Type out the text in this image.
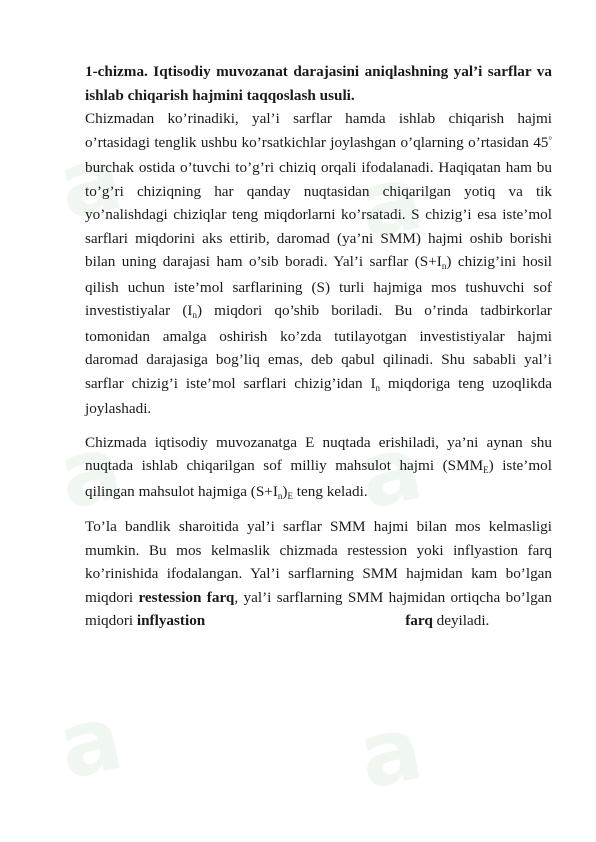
a a
a a
a a

1-chizma. Iqtisodiy muvozanat darajasini aniqlashning yal’i sarflar va ishlab chiqarish hajmini taqqoslash usuli.

Chizmadan ko’rinadiki, yal’i sarflar hamda ishlab chiqarish hajmi o’rtasidagi tenglik ushbu ko’rsatkichlar joylashgan o’qlarning o’rtasidan 45° burchak ostida o’tuvchi to’g’ri chiziq orqali ifodalanadi. Haqiqatan ham bu to’g’ri chiziqning har qanday nuqtasidan chiqarilgan yotiq va tik yo’nalishdagi chiziqlar teng miqdorlarni ko’rsatadi. S chizig’i esa iste’mol sarflari miqdorini aks ettirib, daromad (ya’ni SMM) hajmi oshib borishi bilan uning darajasi ham o’sib boradi. Yal’i sarflar $(S+I_n)$ chizig’ini hosil qilish uchun iste’mol sarflarining (S) turli hajmiga mos tushuvchi sof investistiyalar $(I_n)$ miqdori qo’shib boriladi. Bu o’rinda tadbirkorlar tomonidan amalga oshirish ko’zda tutilayotgan investistiyalar hajmi daromad darajasiga bog’liq emas, deb qabul qilinadi. Shu sababli yal’i sarflar chizig’i iste’mol sarflari chizig’idan $I_n$ miqdoriga teng uzoqlikda joylashadi.

Chizmada iqtisodiy muvozanatga E nuqtada erishiladi, ya’ni aynan shu nuqtada ishlab chiqarilgan sof milliy mahsulot hajmi $(SMM_E)$ iste’mol qilingan mahsulot hajmiga $(S+I_n)_E$ teng keladi.

To’la bandlik sharoitida yal’i sarflar SMM hajmi bilan mos kelmasligi mumkin. Bu mos kelmaslik chizmada restession yoki inflyastion farq ko’rinishida ifodalangan. Yal’i sarflarning SMM hajmidan kam bo’lgan miqdori restession farq, yal’i sarflarning SMM hajmidan ortiqcha bo’lgan miqdori inflyastion	farq deyiladi.
